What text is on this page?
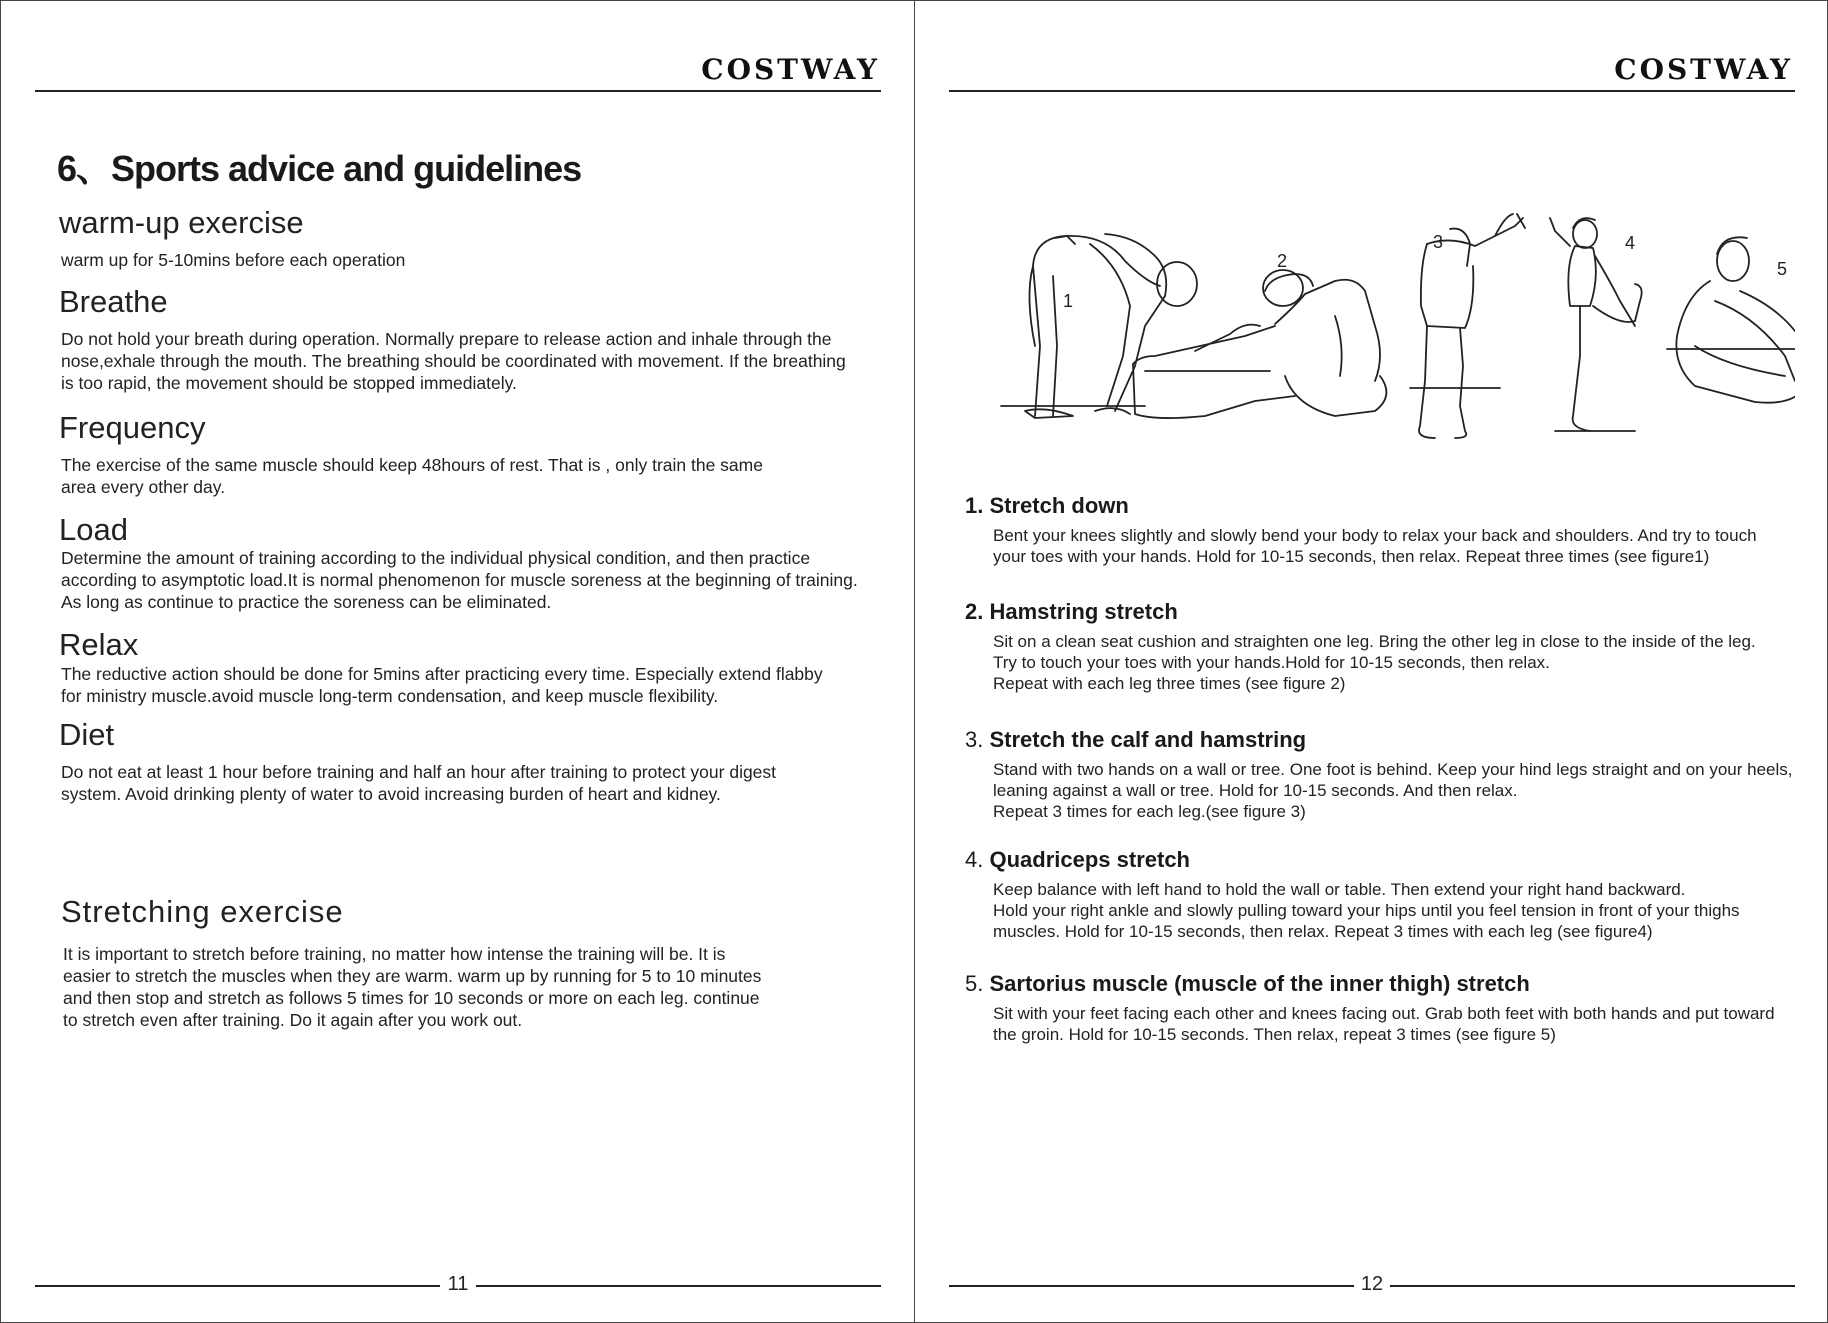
COSTWAY
6、Sports advice and guidelines
warm-up exercise
warm up for 5-10mins before each operation
Breathe
Do not hold your breath during operation. Normally prepare to release action and inhale through the
nose,exhale through the mouth. The breathing should be coordinated with movement. If the breathing
is too rapid, the movement should be stopped immediately.
Frequency
The exercise of the same muscle should keep 48hours of rest. That is , only train the same
area every other day.
Load
Determine the amount of training according to the individual physical condition, and then practice
according to asymptotic load.It is normal phenomenon for muscle soreness at the beginning of training.
As long as continue to practice the soreness can be eliminated.
Relax
The reductive action should be done for 5mins after practicing every time. Especially extend flabby
for ministry muscle.avoid muscle long-term condensation, and keep muscle flexibility.
Diet
Do not eat at least 1 hour before training and half an hour after training to protect your digest
system. Avoid drinking plenty of water to avoid increasing burden of heart and kidney.
Stretching exercise
It is important to stretch before training, no matter how intense the training will be. It is
easier to stretch the muscles when they are warm. warm up by running for 5 to 10 minutes
and then stop and stretch as follows 5 times for 10 seconds or more on each leg. continue
to stretch even after training. Do it again after you work out.
11
COSTWAY
1
2
3	4
5
1. Stretch down
Bent your knees slightly and slowly bend your body to relax your back and shoulders. And try to touch
your toes with your hands. Hold for 10-15 seconds, then relax. Repeat three times (see figure1)
2. Hamstring stretch
Sit on a clean seat cushion and straighten one leg. Bring the other leg in close to the inside of the leg.
Try to touch your toes with your hands.Hold for 10-15 seconds, then relax.
Repeat with each leg three times (see figure 2)
3. Stretch the calf and hamstring
Stand with two hands on a wall or tree. One foot is behind. Keep your hind legs straight and on your heels,
leaning against a wall or tree. Hold for 10-15 seconds. And then relax.
Repeat 3 times for each leg.(see figure 3)
4. Quadriceps stretch
Keep balance with left hand to hold the wall or table. Then extend your right hand backward.
Hold your right ankle and slowly pulling toward your hips until you feel tension in front of your thighs
muscles. Hold for 10-15 seconds, then relax. Repeat 3 times with each leg (see figure4)
5. Sartorius muscle (muscle of the inner thigh) stretch
Sit with your feet facing each other and knees facing out. Grab both feet with both hands and put toward
the groin. Hold for 10-15 seconds. Then relax, repeat 3 times (see figure 5)
12
